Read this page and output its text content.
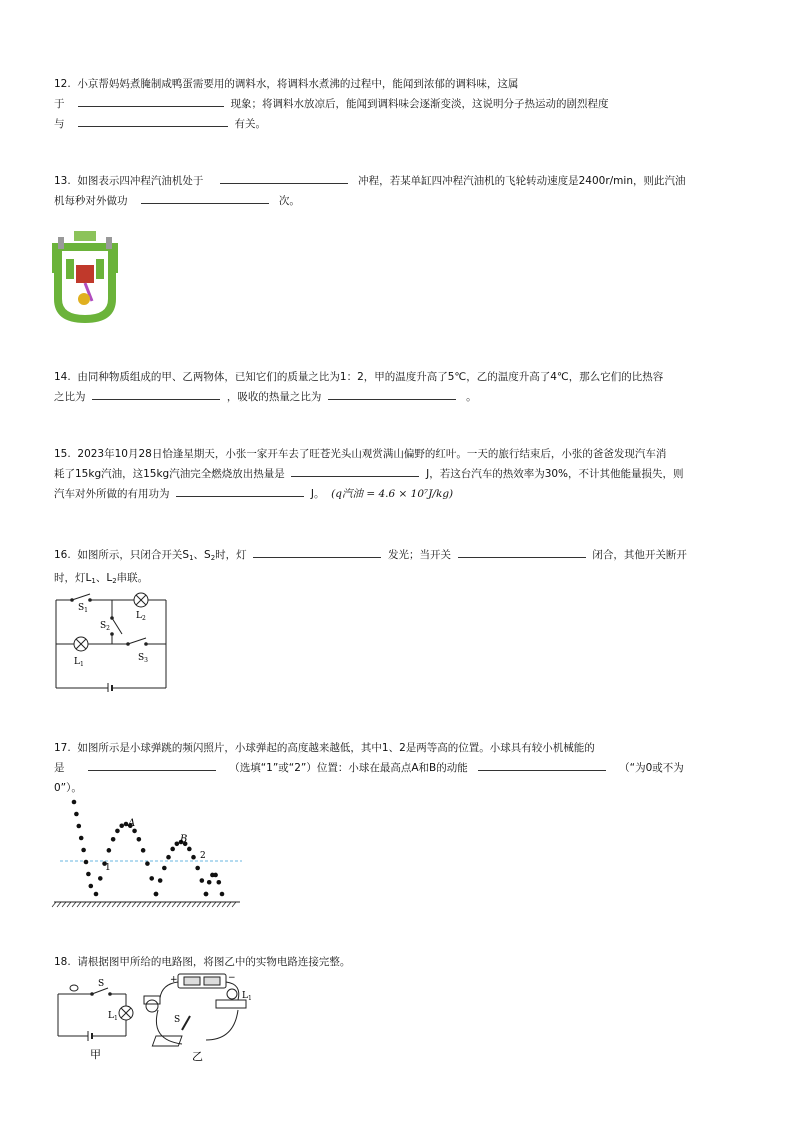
12. 小京帮妈妈煮腌制咸鸭蛋需要用的调料水，将调料水煮沸的过程中，能闻到浓郁的调料味，这属
于	现象；将调料水放凉后，能闻到调料味会逐渐变淡，这说明分子热运动的剧烈程度
与	有关。
13. 如图表示四冲程汽油机处于	冲程，若某单缸四冲程汽油机的飞轮转动速度是2400r/min，则此汽油
机每秒对外做功	次。
14. 由同种物质组成的甲、乙两物体，已知它们的质量之比为1：2，甲的温度升高了5℃，乙的温度升高了4℃，那么它们的比热容
之比为	，吸收的热量之比为	。
15. 2023年10月28日恰逢星期天，小张一家开车去了旺苍光头山观赏满山偏野的红叶。一天的旅行结束后，小张的爸爸发现汽车消
耗了15kg汽油，这15kg汽油完全燃烧放出热量是	J，若这台汽车的热效率为30%，不计其他能量损失，则
汽车对外所做的有用功为	J。 (q汽油 = 4.6 × 10⁷J/kg)
16. 如图所示，只闭合开关$S_1$、$S_2$时，灯	发光；当开关	闭合，其他开关断开
时，灯$L_1$、$L_2$串联。
$S_1$
$L_2$
$S_2$
$L_1$
$S_3$
17. 如图所示是小球弹跳的频闪照片，小球弹起的高度越来越低，其中1、2是两等高的位置。小球具有较小机械能的
是	（选填“1”或“2”）位置：小球在最高点A和B的动能	（“为0或不为
0”）。
A
B
1
2
18. 请根据图甲所给的电路图，将图乙中的实物电路连接完整。
S
$L_1$
甲
+	−
$L_1$
S
乙
